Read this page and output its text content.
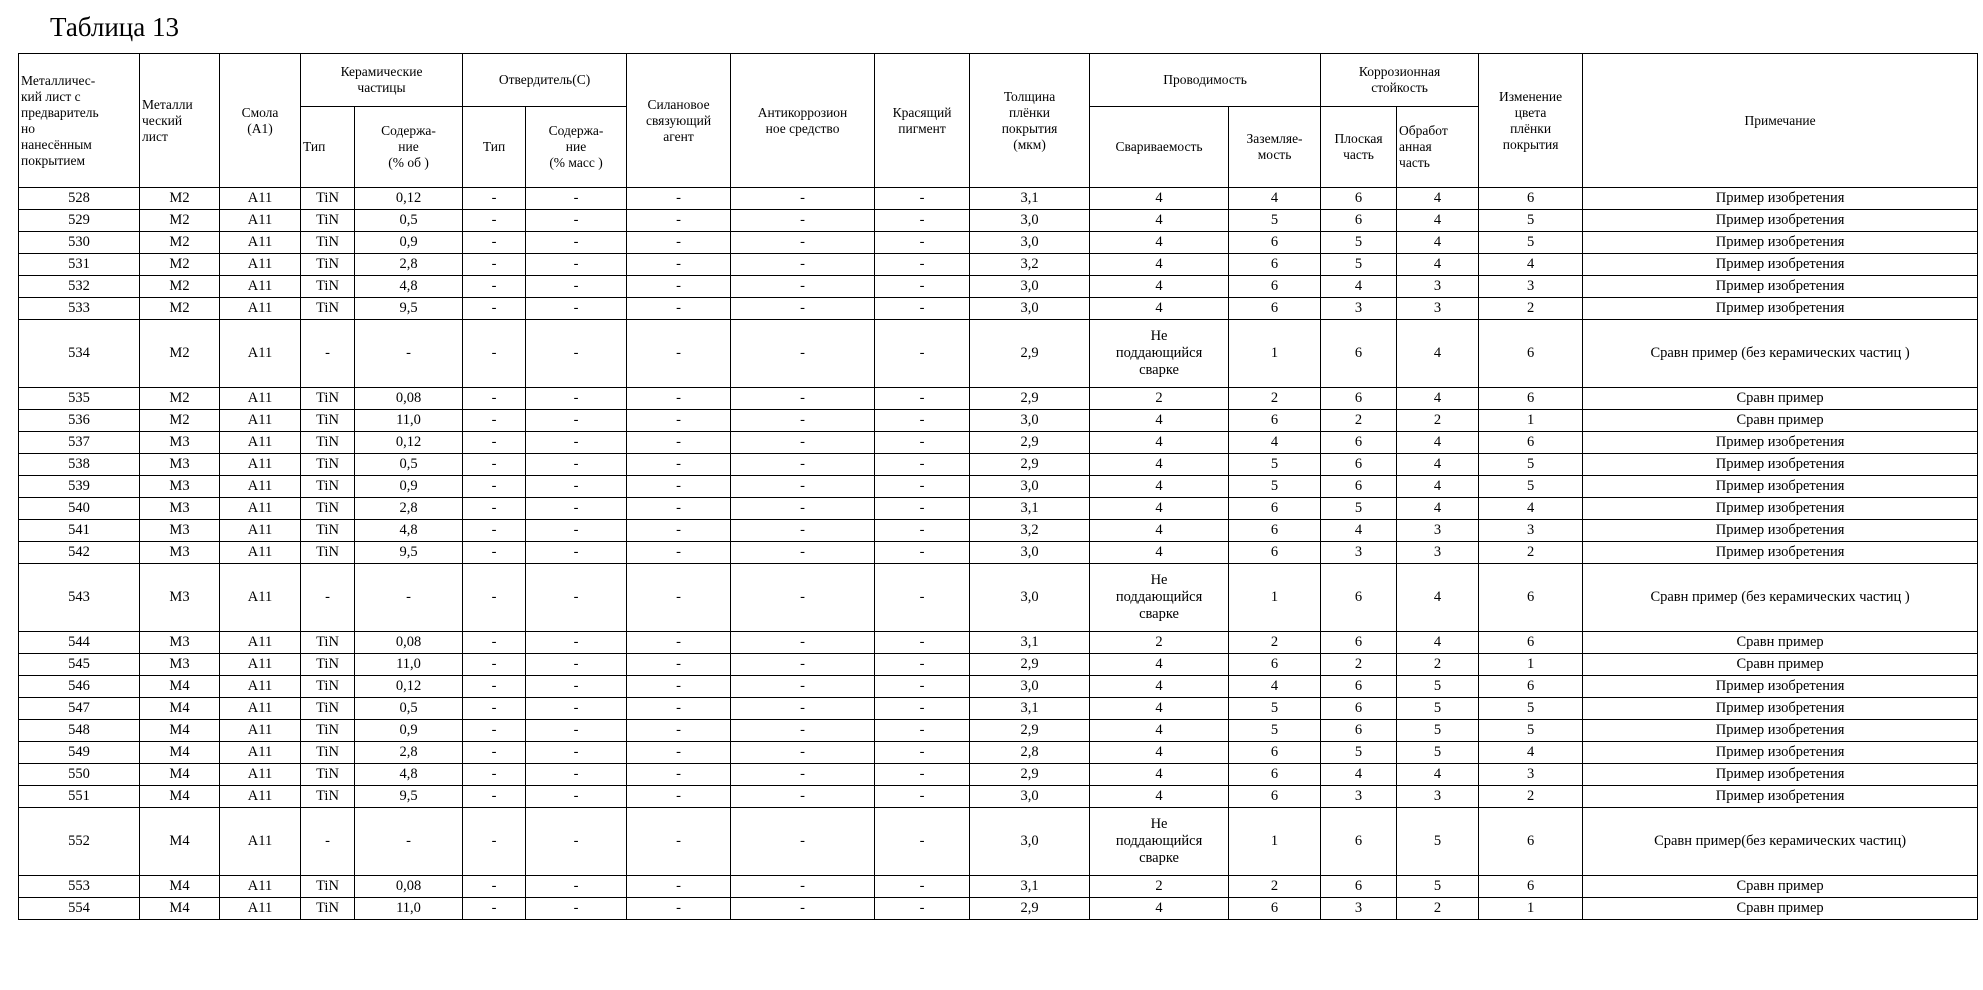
Таблица 13
Металличес-
кий лист с
предваритель
но
нанесённым
покрытием	Металли
ческий
лист	Смола
(A1)	Керамические
частицы	Отвердитель(С)	Силановое
связующий
агент	Антикоррозион
ное средство	Красящий
пигмент	Толщина
плёнки
покрытия
(мкм)	Проводимость	Коррозионная
стойкость	Изменение
цвета
плёнки
покрытия	Примечание
Тип	Содержа-
ние
(% об )	Тип	Содержа-
ние
(% масс )	Свариваемость	Заземляе-
мость	Плоская
часть	Обработ
анная
часть
528	M2	A11	TiN	0,12	-	-	-	-	-	3,1	4	4	6	4	6	Пример изобретения
529	M2	A11	TiN	0,5	-	-	-	-	-	3,0	4	5	6	4	5	Пример изобретения
530	M2	A11	TiN	0,9	-	-	-	-	-	3,0	4	6	5	4	5	Пример изобретения
531	M2	A11	TiN	2,8	-	-	-	-	-	3,2	4	6	5	4	4	Пример изобретения
532	M2	A11	TiN	4,8	-	-	-	-	-	3,0	4	6	4	3	3	Пример изобретения
533	M2	A11	TiN	9,5	-	-	-	-	-	3,0	4	6	3	3	2	Пример изобретения
534	M2	A11	-	-	-	-	-	-	-	2,9	Не
поддающийся
сварке	1	6	4	6	Сравн пример (без керамических частиц )
535	M2	A11	TiN	0,08	-	-	-	-	-	2,9	2	2	6	4	6	Сравн пример
536	M2	A11	TiN	11,0	-	-	-	-	-	3,0	4	6	2	2	1	Сравн пример
537	M3	A11	TiN	0,12	-	-	-	-	-	2,9	4	4	6	4	6	Пример изобретения
538	M3	A11	TiN	0,5	-	-	-	-	-	2,9	4	5	6	4	5	Пример изобретения
539	M3	A11	TiN	0,9	-	-	-	-	-	3,0	4	5	6	4	5	Пример изобретения
540	M3	A11	TiN	2,8	-	-	-	-	-	3,1	4	6	5	4	4	Пример изобретения
541	M3	A11	TiN	4,8	-	-	-	-	-	3,2	4	6	4	3	3	Пример изобретения
542	M3	A11	TiN	9,5	-	-	-	-	-	3,0	4	6	3	3	2	Пример изобретения
543	M3	A11	-	-	-	-	-	-	-	3,0	Не
поддающийся
сварке	1	6	4	6	Сравн пример (без керамических частиц )
544	M3	A11	TiN	0,08	-	-	-	-	-	3,1	2	2	6	4	6	Сравн пример
545	M3	A11	TiN	11,0	-	-	-	-	-	2,9	4	6	2	2	1	Сравн пример
546	M4	A11	TiN	0,12	-	-	-	-	-	3,0	4	4	6	5	6	Пример изобретения
547	M4	A11	TiN	0,5	-	-	-	-	-	3,1	4	5	6	5	5	Пример изобретения
548	M4	A11	TiN	0,9	-	-	-	-	-	2,9	4	5	6	5	5	Пример изобретения
549	M4	A11	TiN	2,8	-	-	-	-	-	2,8	4	6	5	5	4	Пример изобретения
550	M4	A11	TiN	4,8	-	-	-	-	-	2,9	4	6	4	4	3	Пример изобретения
551	M4	A11	TiN	9,5	-	-	-	-	-	3,0	4	6	3	3	2	Пример изобретения
552	M4	A11	-	-	-	-	-	-	-	3,0	Не
поддающийся
сварке	1	6	5	6	Сравн пример(без керамических частиц)
553	M4	A11	TiN	0,08	-	-	-	-	-	3,1	2	2	6	5	6	Сравн пример
554	M4	A11	TiN	11,0	-	-	-	-	-	2,9	4	6	3	2	1	Сравн пример
